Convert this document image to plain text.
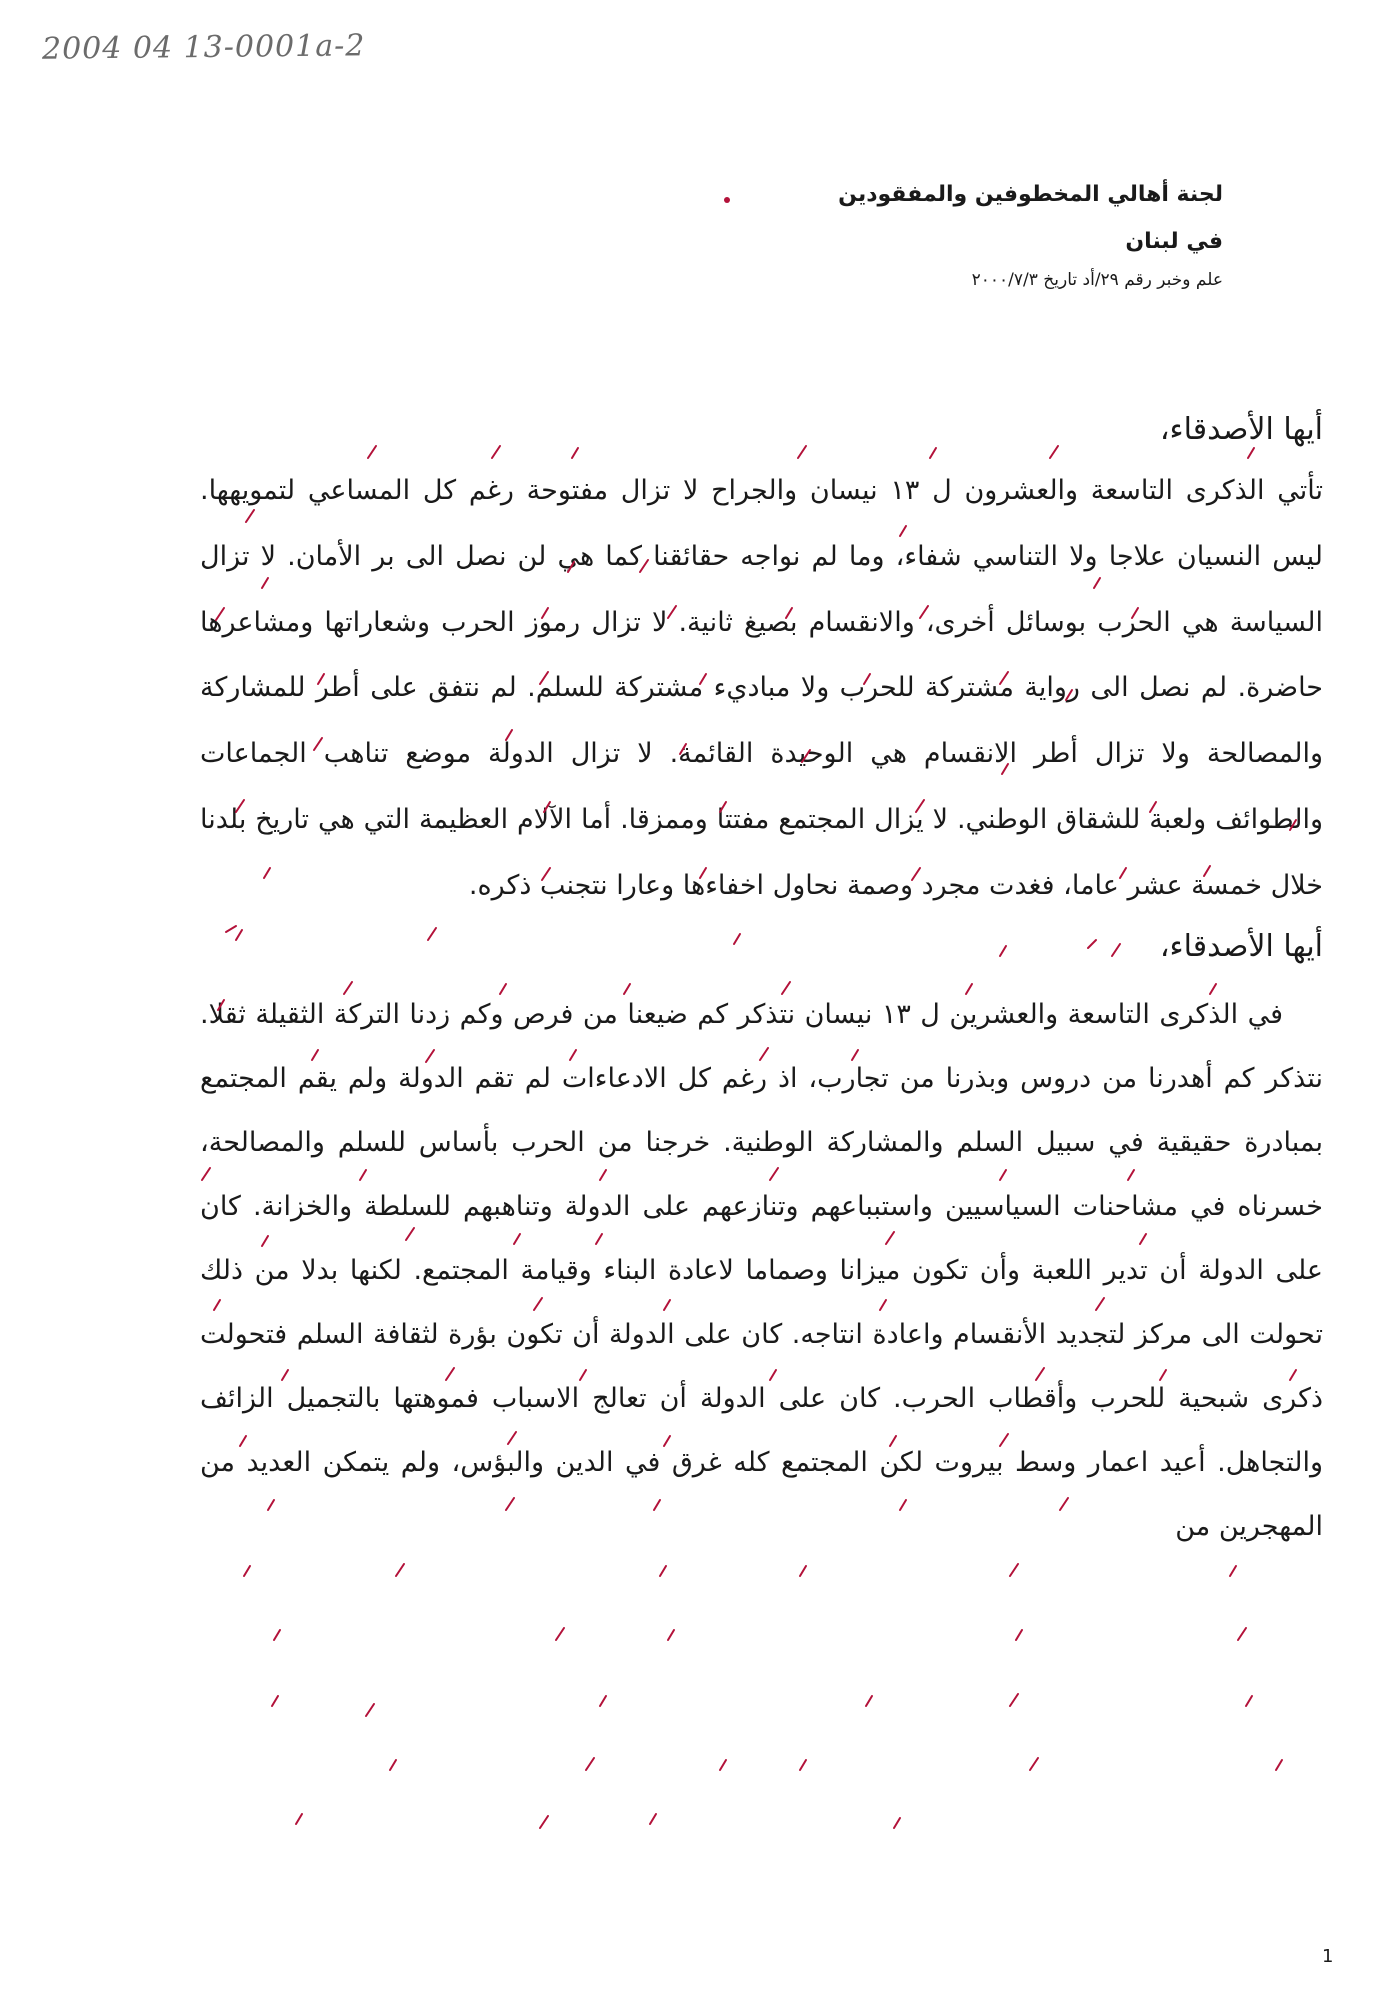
2004 04 13-0001a-2

لجنة أهالي المخطوفين والمفقودين

في لبنان

علم وخبر رقم ٢٩/أد تاريخ ٢٠٠٠/٧/٣

أيها الأصدقاء،

تأتي الذكرى التاسعة والعشرون ل ١٣ نيسان والجراح لا تزال مفتوحة رغم كل المساعي لتمويهها. ليس النسيان علاجا ولا التناسي شفاء، وما لم نواجه حقائقنا كما هي لن نصل الى بر الأمان. لا تزال السياسة هي الحرب بوسائل أخرى، والانقسام بصيغ ثانية. لا تزال رموز الحرب وشعاراتها ومشاعرها حاضرة. لم نصل الى رواية مشتركة للحرب ولا مباديء مشتركة للسلم. لم نتفق على أطر للمشاركة والمصالحة ولا تزال أطر الانقسام هي الوحيدة القائمة. لا تزال الدولة موضع تناهب الجماعات والطوائف ولعبة للشقاق الوطني. لا يزال المجتمع مفتتا وممزقا. أما الآلام العظيمة التي هي تاريخ بلدنا خلال خمسة عشر عاما، فغدت مجرد وصمة نحاول اخفاءها وعارا نتجنب ذكره.

أيها الأصدقاء،

في الذكرى التاسعة والعشرين ل ١٣ نيسان نتذكر كم ضيعنا من فرص وكم زدنا التركة الثقيلة ثقلا. نتذكر كم أهدرنا من دروس وبذرنا من تجارب، اذ رغم كل الادعاءات لم تقم الدولة ولم يقم المجتمع بمبادرة حقيقية في سبيل السلم والمشاركة الوطنية. خرجنا من الحرب بأساس للسلم والمصالحة، خسرناه في مشاحنات السياسيين واستبباعهم وتنازعهم على الدولة وتناهبهم للسلطة والخزانة. كان على الدولة أن تدير اللعبة وأن تكون ميزانا وصماما لاعادة البناء وقيامة المجتمع. لكنها بدلا من ذلك تحولت الى مركز لتجديد الأنقسام واعادة انتاجه. كان على الدولة أن تكون بؤرة لثقافة السلم فتحولت ذكرى شبحية للحرب وأقطاب الحرب. كان على الدولة أن تعالج الاسباب فموهتها بالتجميل الزائف والتجاهل. أعيد اعمار وسط بيروت لكن المجتمع كله غرق في الدين والبؤس، ولم يتمكن العديد من المهجرين من

1
